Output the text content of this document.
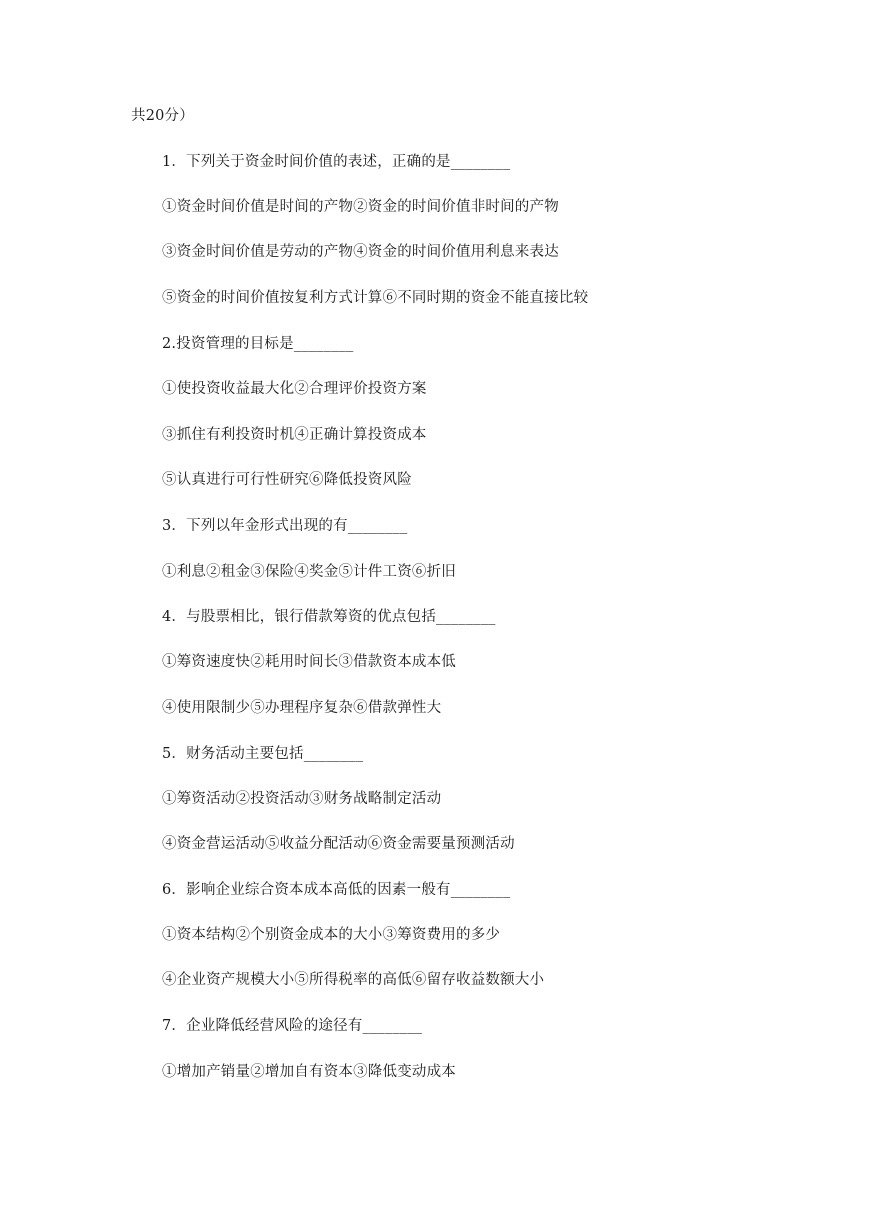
共20分）
1．下列关于资金时间价值的表述，正确的是________
①资金时间价值是时间的产物②资金的时间价值非时间的产物
③资金时间价值是劳动的产物④资金的时间价值用利息来表达
⑤资金的时间价值按复利方式计算⑥不同时期的资金不能直接比较
2.投资管理的目标是________
①使投资收益最大化②合理评价投资方案
③抓住有利投资时机④正确计算投资成本
⑤认真进行可行性研究⑥降低投资风险
3．下列以年金形式出现的有________
①利息②租金③保险④奖金⑤计件工资⑥折旧
4．与股票相比，银行借款筹资的优点包括________
①筹资速度快②耗用时间长③借款资本成本低
④使用限制少⑤办理程序复杂⑥借款弹性大
5．财务活动主要包括________
①筹资活动②投资活动③财务战略制定活动
④资金营运活动⑤收益分配活动⑥资金需要量预测活动
6．影响企业综合资本成本高低的因素一般有________
①资本结构②个别资金成本的大小③筹资费用的多少
④企业资产规模大小⑤所得税率的高低⑥留存收益数额大小
7．企业降低经营风险的途径有________
①增加产销量②增加自有资本③降低变动成本
